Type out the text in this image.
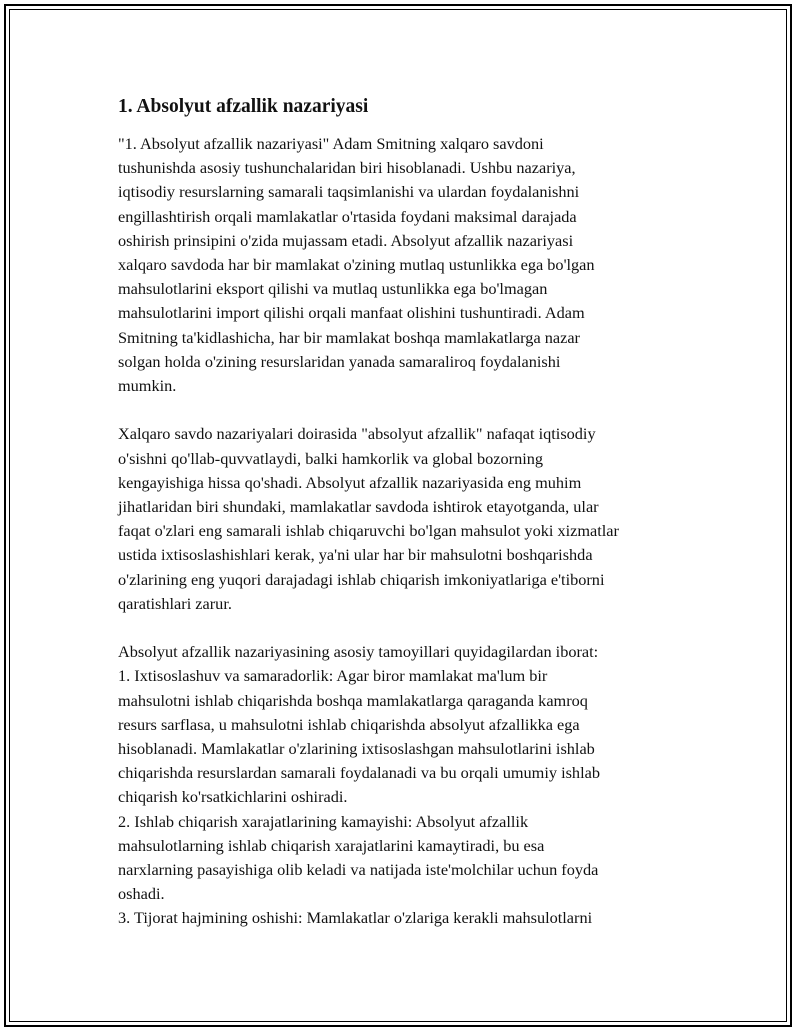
1. Absolyut afzallik nazariyasi

"1. Absolyut afzallik nazariyasi" Adam Smitning xalqaro savdoni
tushunishda asosiy tushunchalaridan biri hisoblanadi. Ushbu nazariya,
iqtisodiy resurslarning samarali taqsimlanishi va ulardan foydalanishni
engillashtirish orqali mamlakatlar o'rtasida foydani maksimal darajada
oshirish prinsipini o'zida mujassam etadi. Absolyut afzallik nazariyasi
xalqaro savdoda har bir mamlakat o'zining mutlaq ustunlikka ega bo'lgan
mahsulotlarini eksport qilishi va mutlaq ustunlikka ega bo'lmagan
mahsulotlarini import qilishi orqali manfaat olishini tushuntiradi. Adam
Smitning ta'kidlashicha, har bir mamlakat boshqa mamlakatlarga nazar
solgan holda o'zining resurslaridan yanada samaraliroq foydalanishi
mumkin.

Xalqaro savdo nazariyalari doirasida "absolyut afzallik" nafaqat iqtisodiy
o'sishni qo'llab-quvvatlaydi, balki hamkorlik va global bozorning
kengayishiga hissa qo'shadi. Absolyut afzallik nazariyasida eng muhim
jihatlaridan biri shundaki, mamlakatlar savdoda ishtirok etayotganda, ular
faqat o'zlari eng samarali ishlab chiqaruvchi bo'lgan mahsulot yoki xizmatlar
ustida ixtisoslashishlari kerak, ya'ni ular har bir mahsulotni boshqarishda
o'zlarining eng yuqori darajadagi ishlab chiqarish imkoniyatlariga e'tiborni
qaratishlari zarur.

Absolyut afzallik nazariyasining asosiy tamoyillari quyidagilardan iborat:
1. Ixtisoslashuv va samaradorlik: Agar biror mamlakat ma'lum bir
mahsulotni ishlab chiqarishda boshqa mamlakatlarga qaraganda kamroq
resurs sarflasa, u mahsulotni ishlab chiqarishda absolyut afzallikka ega
hisoblanadi. Mamlakatlar o'zlarining ixtisoslashgan mahsulotlarini ishlab
chiqarishda resurslardan samarali foydalanadi va bu orqali umumiy ishlab
chiqarish ko'rsatkichlarini oshiradi.
2. Ishlab chiqarish xarajatlarining kamayishi: Absolyut afzallik
mahsulotlarning ishlab chiqarish xarajatlarini kamaytiradi, bu esa
narxlarning pasayishiga olib keladi va natijada iste'molchilar uchun foyda
oshadi.
3. Tijorat hajmining oshishi: Mamlakatlar o'zlariga kerakli mahsulotlarni
